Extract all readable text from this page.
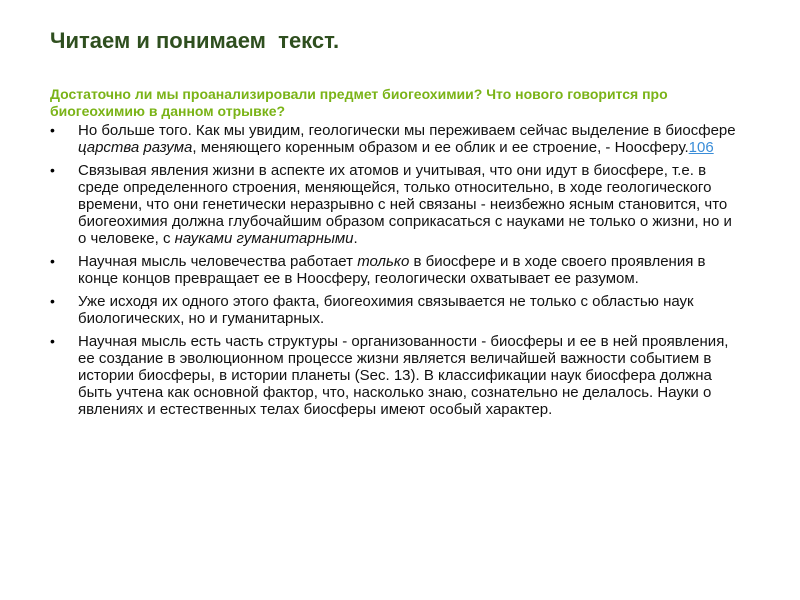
Читаем и понимаем  текст.
Достаточно ли мы проанализировали предмет биогеохимии? Что нового говорится про биогеохимию в данном отрывке?
• Но больше того. Как мы увидим, геологически мы переживаем сейчас выделение в биосфере царства разума, меняющего коренным образом и ее облик и ее строение, - Ноосферу.106
• Связывая явления жизни в аспекте их атомов и учитывая, что они идут в биосфере, т.е. в среде определенного строения, меняющейся, только относительно, в ходе геологического времени, что они генетически неразрывно с ней связаны - неизбежно ясным становится, что биогеохимия должна глубочайшим образом соприкасаться с науками не только о жизни, но и о человеке, с науками гуманитарными.
• Научная мысль человечества работает только в биосфере и в ходе своего проявления в конце концов превращает ее в Ноосферу, геологически охватывает ее разумом.
• Уже исходя их одного этого факта, биогеохимия связывается не только с областью наук биологических, но и гуманитарных.
• Научная мысль есть часть структуры - организованности - биосферы и ее в ней проявления, ее создание в эволюционном процессе жизни является величайшей важности событием в истории биосферы, в истории планеты (Sec. 13). В классификации наук биосфера должна быть учтена как основной фактор, что, насколько знаю, сознательно не делалось. Науки о явлениях и естественных телах биосферы имеют особый характер.
